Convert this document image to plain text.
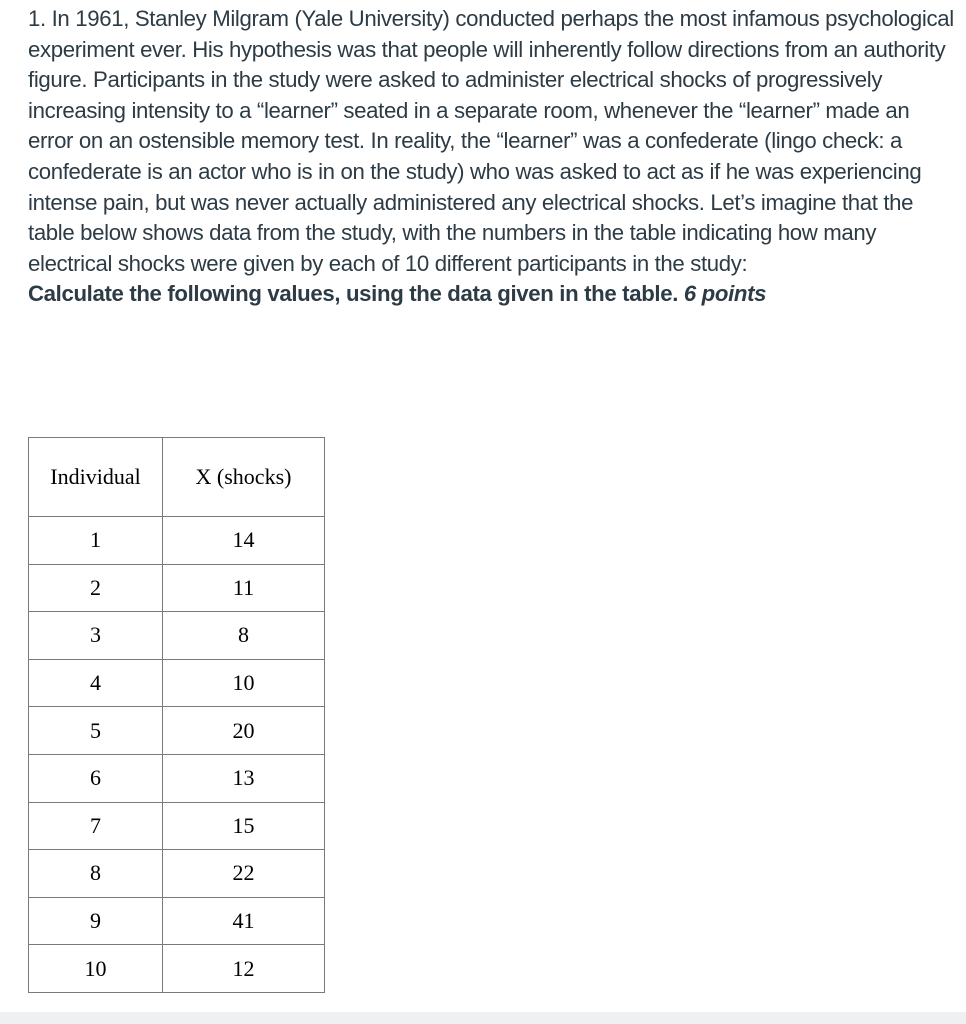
1. In 1961, Stanley Milgram (Yale University) conducted perhaps the most infamous psychological experiment ever. His hypothesis was that people will inherently follow directions from an authority figure. Participants in the study were asked to administer electrical shocks of progressively increasing intensity to a “learner” seated in a separate room, whenever the “learner” made an error on an ostensible memory test. In reality, the “learner” was a confederate (lingo check: a confederate is an actor who is in on the study) who was asked to act as if he was experiencing intense pain, but was never actually administered any electrical shocks. Let’s imagine that the table below shows data from the study, with the numbers in the table indicating how many electrical shocks were given by each of 10 different participants in the study:

Calculate the following values, using the data given in the table. 6 points

Individual	X (shocks)
1	14
2	11
3	8
4	10
5	20
6	13
7	15
8	22
9	41
10	12
